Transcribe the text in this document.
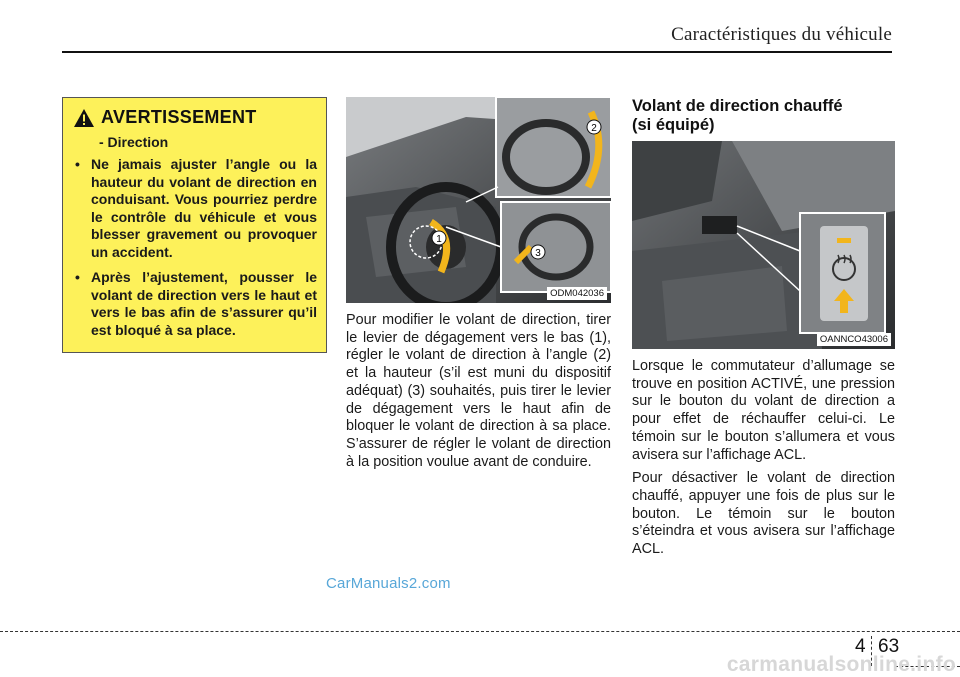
Caractéristiques du véhicule
AVERTISSEMENT
- Direction
• Ne jamais ajuster l’angle ou la hauteur du volant de direction en conduisant. Vous pourriez perdre le contrôle du véhicule et vous blesser gravement ou provoquer un accident.
• Après l’ajustement, pousser le volant de direction vers le haut et vers le bas afin de s’assurer qu’il est bloqué à sa place.
1
2
3
ODM042036

Pour modifier le volant de direction, tirer le levier de dégagement vers le bas (1), régler le volant de direction à l’angle (2) et la hauteur (s’il est muni du dispositif adéquat) (3) souhaités, puis tirer le levier de dégagement vers le haut afin de bloquer le volant de direction à sa place. S’assurer de régler le volant de direction à la position voulue avant de conduire.

Volant de direction chauffé
(si équipé)
OANNCO43006

Lorsque le commutateur d’allumage se trouve en position ACTIVÉ, une pression sur le bouton du volant de direction a pour effet de réchauffer celui-ci. Le témoin sur le bouton s’allumera et vous avisera sur l’affichage ACL.

Pour désactiver le volant de direction chauffé, appuyer une fois de plus sur le bouton. Le témoin sur le bouton s’éteindra et vous avisera sur l’affichage ACL.

CarManuals2.com
4 63
carmanualsonline.info
